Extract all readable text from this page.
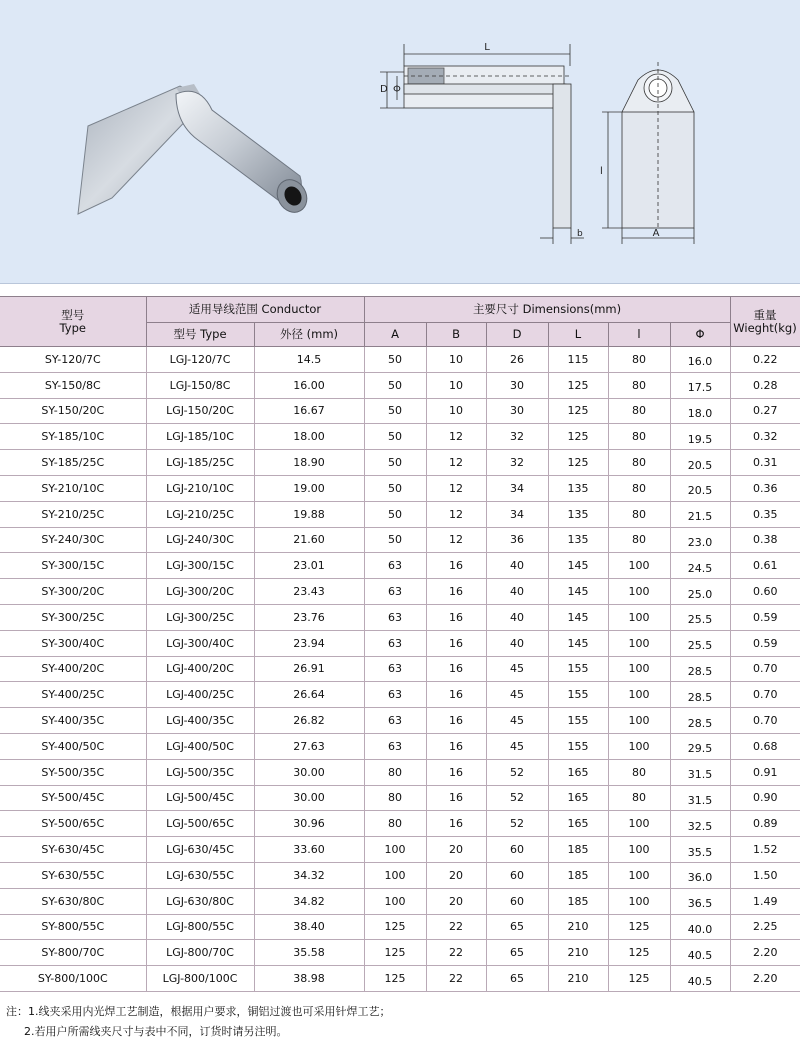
L
D Φ
b	A
l
型号
Type	适用导线范围 Conductor		主要尺寸 Dimensions(mm)						重量
Wieght(kg)
	型号 Type	外径 (mm)	A	B	D	L	l	Φ	
SY-120/7C	LGJ-120/7C	14.5	50	10	26	115	80	16.0	0.22
SY-150/8C	LGJ-150/8C	16.00	50	10	30	125	80	17.5	0.28
SY-150/20C	LGJ-150/20C	16.67	50	10	30	125	80	18.0	0.27
SY-185/10C	LGJ-185/10C	18.00	50	12	32	125	80	19.5	0.32
SY-185/25C	LGJ-185/25C	18.90	50	12	32	125	80	20.5	0.31
SY-210/10C	LGJ-210/10C	19.00	50	12	34	135	80	20.5	0.36
SY-210/25C	LGJ-210/25C	19.88	50	12	34	135	80	21.5	0.35
SY-240/30C	LGJ-240/30C	21.60	50	12	36	135	80	23.0	0.38
SY-300/15C	LGJ-300/15C	23.01	63	16	40	145	100	24.5	0.61
SY-300/20C	LGJ-300/20C	23.43	63	16	40	145	100	25.0	0.60
SY-300/25C	LGJ-300/25C	23.76	63	16	40	145	100	25.5	0.59
SY-300/40C	LGJ-300/40C	23.94	63	16	40	145	100	25.5	0.59
SY-400/20C	LGJ-400/20C	26.91	63	16	45	155	100	28.5	0.70
SY-400/25C	LGJ-400/25C	26.64	63	16	45	155	100	28.5	0.70
SY-400/35C	LGJ-400/35C	26.82	63	16	45	155	100	28.5	0.70
SY-400/50C	LGJ-400/50C	27.63	63	16	45	155	100	29.5	0.68
SY-500/35C	LGJ-500/35C	30.00	80	16	52	165	80	31.5	0.91
SY-500/45C	LGJ-500/45C	30.00	80	16	52	165	80	31.5	0.90
SY-500/65C	LGJ-500/65C	30.96	80	16	52	165	100	32.5	0.89
SY-630/45C	LGJ-630/45C	33.60	100	20	60	185	100	35.5	1.52
SY-630/55C	LGJ-630/55C	34.32	100	20	60	185	100	36.0	1.50
SY-630/80C	LGJ-630/80C	34.82	100	20	60	185	100	36.5	1.49
SY-800/55C	LGJ-800/55C	38.40	125	22	65	210	125	40.0	2.25
SY-800/70C	LGJ-800/70C	35.58	125	22	65	210	125	40.5	2.20
SY-800/100C	LGJ-800/100C	38.98	125	22	65	210	125	40.5	2.20
注：1.线夹采用内光焊工艺制造，根据用户要求，铜铝过渡也可采用针焊工艺；
2.若用户所需线夹尺寸与表中不同，订货时请另注明。
